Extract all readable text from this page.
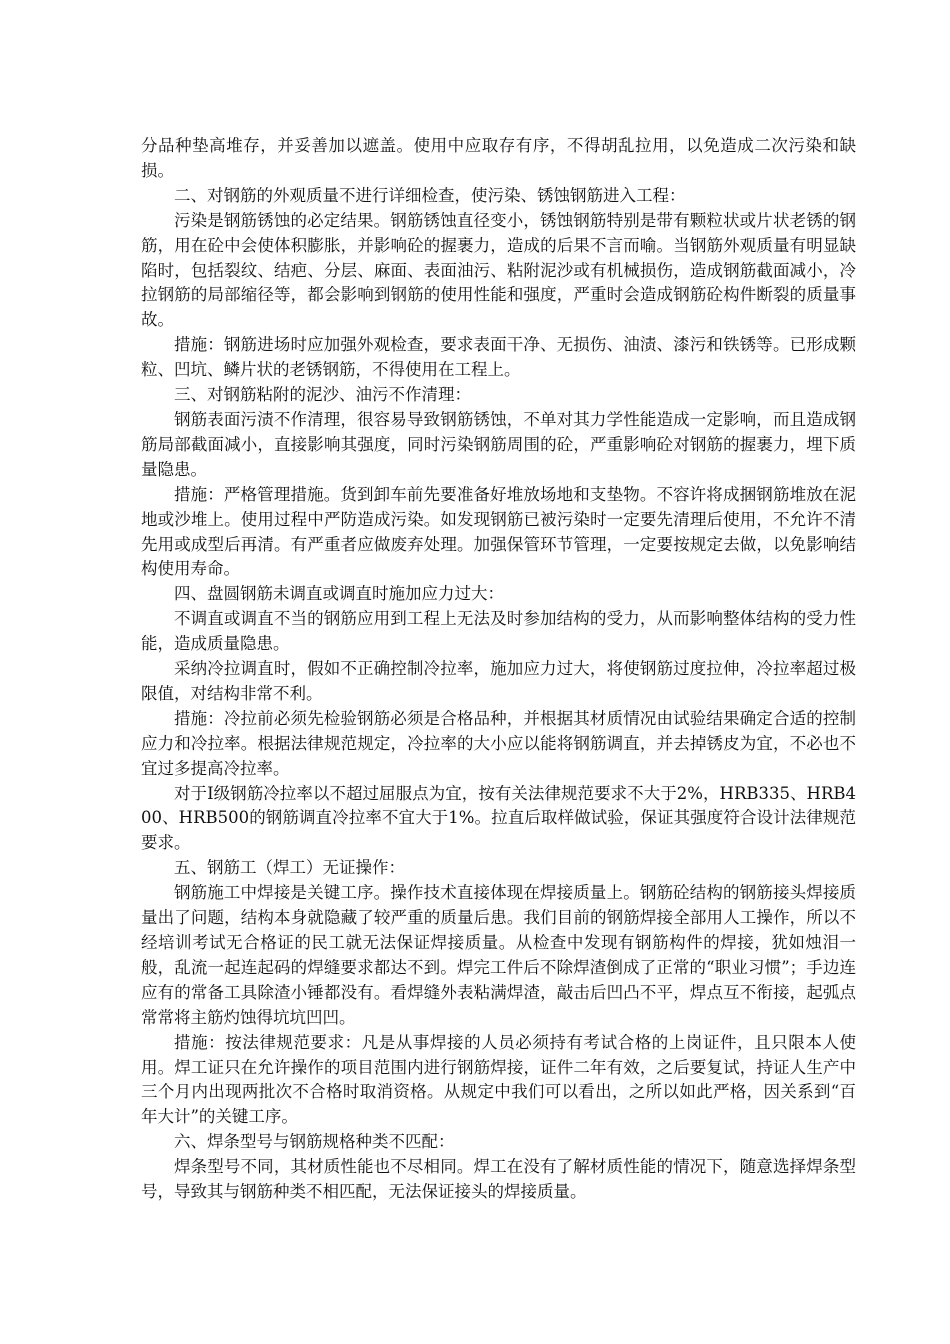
分品种垫高堆存，并妥善加以遮盖。使用中应取存有序，不得胡乱拉用，以免造成二次污染和缺损。

二、对钢筋的外观质量不进行详细检查，使污染、锈蚀钢筋进入工程：

污染是钢筋锈蚀的必定结果。钢筋锈蚀直径变小，锈蚀钢筋特别是带有颗粒状或片状老锈的钢筋，用在砼中会使体积膨胀，并影响砼的握裹力，造成的后果不言而喻。当钢筋外观质量有明显缺陷时，包括裂纹、结疤、分层、麻面、表面油污、粘附泥沙或有机械损伤，造成钢筋截面减小，冷拉钢筋的局部缩径等，都会影响到钢筋的使用性能和强度，严重时会造成钢筋砼构件断裂的质量事故。

措施：钢筋进场时应加强外观检查，要求表面干净、无损伤、油渍、漆污和铁锈等。已形成颗粒、凹坑、鳞片状的老锈钢筋，不得使用在工程上。

三、对钢筋粘附的泥沙、油污不作清理：

钢筋表面污渍不作清理，很容易导致钢筋锈蚀，不单对其力学性能造成一定影响，而且造成钢筋局部截面减小，直接影响其强度，同时污染钢筋周围的砼，严重影响砼对钢筋的握裹力，埋下质量隐患。

措施：严格管理措施。货到卸车前先要准备好堆放场地和支垫物。不容许将成捆钢筋堆放在泥地或沙堆上。使用过程中严防造成污染。如发现钢筋已被污染时一定要先清理后使用，不允许不清先用或成型后再清。有严重者应做废弃处理。加强保管环节管理，一定要按规定去做，以免影响结构使用寿命。

四、盘圆钢筋未调直或调直时施加应力过大：

不调直或调直不当的钢筋应用到工程上无法及时参加结构的受力，从而影响整体结构的受力性能，造成质量隐患。

采纳冷拉调直时，假如不正确控制冷拉率，施加应力过大，将使钢筋过度拉伸，冷拉率超过极限值，对结构非常不利。

措施：冷拉前必须先检验钢筋必须是合格品种，并根据其材质情况由试验结果确定合适的控制应力和冷拉率。根据法律规范规定，冷拉率的大小应以能将钢筋调直，并去掉锈皮为宜，不必也不宜过多提高冷拉率。

对于Ⅰ级钢筋冷拉率以不超过屈服点为宜，按有关法律规范要求不大于2%，HRB335、HRB400、HRB500的钢筋调直冷拉率不宜大于1%。拉直后取样做试验，保证其强度符合设计法律规范要求。

五、钢筋工（焊工）无证操作：

钢筋施工中焊接是关键工序。操作技术直接体现在焊接质量上。钢筋砼结构的钢筋接头焊接质量出了问题，结构本身就隐藏了较严重的质量后患。我们目前的钢筋焊接全部用人工操作，所以不经培训考试无合格证的民工就无法保证焊接质量。从检查中发现有钢筋构件的焊接，犹如烛泪一般，乱流一起连起码的焊缝要求都达不到。焊完工件后不除焊渣倒成了正常的“职业习惯”；手边连应有的常备工具除渣小锤都没有。看焊缝外表粘满焊渣，敲击后凹凸不平，焊点互不衔接，起弧点常常将主筋灼蚀得坑坑凹凹。

措施：按法律规范要求：凡是从事焊接的人员必须持有考试合格的上岗证件，且只限本人使用。焊工证只在允许操作的项目范围内进行钢筋焊接，证件二年有效，之后要复试，持证人生产中三个月内出现两批次不合格时取消资格。从规定中我们可以看出，之所以如此严格，因关系到“百年大计”的关键工序。

六、焊条型号与钢筋规格种类不匹配：

焊条型号不同，其材质性能也不尽相同。焊工在没有了解材质性能的情况下，随意选择焊条型号，导致其与钢筋种类不相匹配，无法保证接头的焊接质量。
